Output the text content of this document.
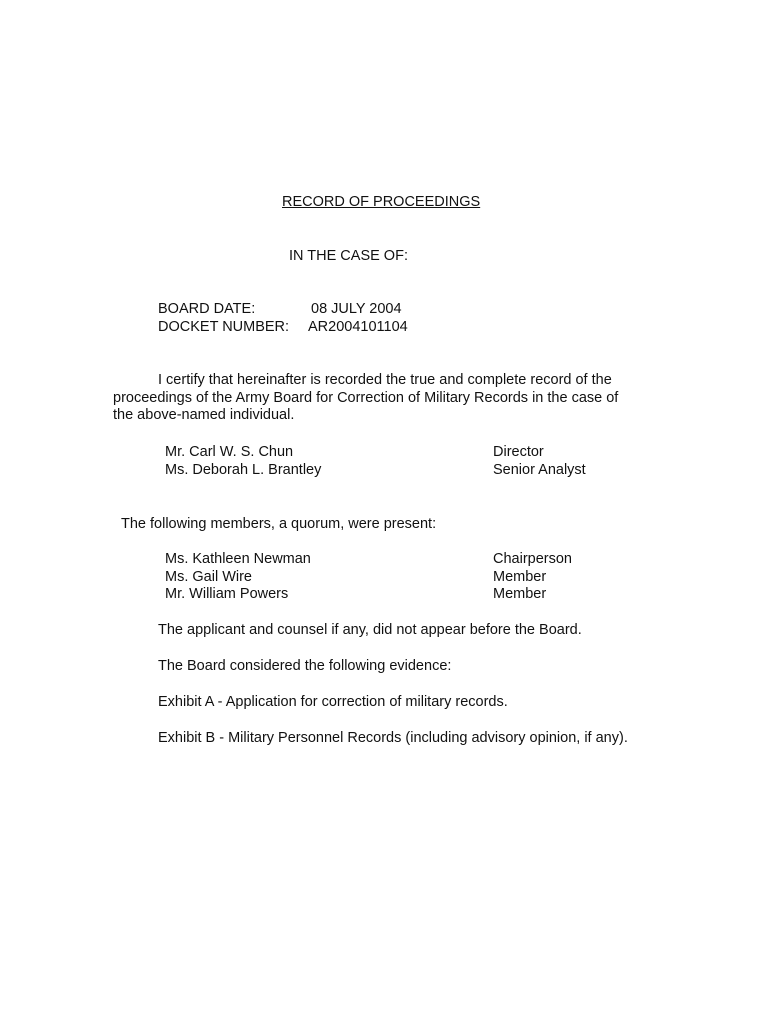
RECORD OF PROCEEDINGS
IN THE CASE OF:
BOARD DATE:	08 JULY 2004
DOCKET NUMBER: AR2004101104
I certify that hereinafter is recorded the true and complete record of the
proceedings of the Army Board for Correction of Military Records in the case of
the above-named individual.
Mr. Carl W. S. Chun	Director
Ms. Deborah L. Brantley	Senior Analyst
The following members, a quorum, were present:
Ms. Kathleen Newman	Chairperson
Ms. Gail Wire	Member
Mr. William Powers	Member
The applicant and counsel if any, did not appear before the Board.
The Board considered the following evidence:
Exhibit A - Application for correction of military records.
Exhibit B - Military Personnel Records (including advisory opinion, if any).
